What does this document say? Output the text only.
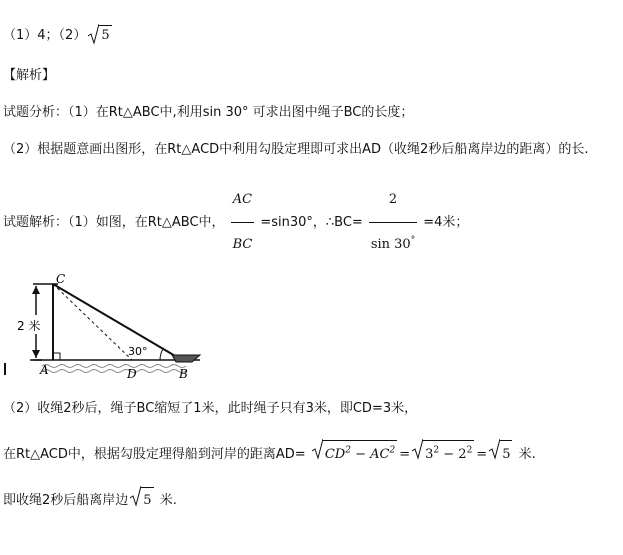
（1）4；（2） 5
【解析】
试题分析：（1）在Rt△ABC中,利用sin 30° 可求出图中绳子BC的长度；
（2）根据题意画出图形，在Rt△ACD中利用勾股定理即可求出AD（收绳2秒后船离岸边的距离）的长.
试题解析：（1）如图，在Rt△ABC中， $\frac{AC}{BC} =\sin 30^\circ$，∴BC= $\frac{2}{\sin 30^\circ} =4$米；
C
2 米
A	D	B
30°
（2）收绳2秒后，绳子BC缩短了1米，此时绳子只有3米，即CD=3米，
在Rt△ACD中，根据勾股定理得船到河岸的距离$AD= CD^2 - AC^2 = 3^2 - 2^2 = 5$ 米.
即收绳2秒后船离岸边 5 米.
